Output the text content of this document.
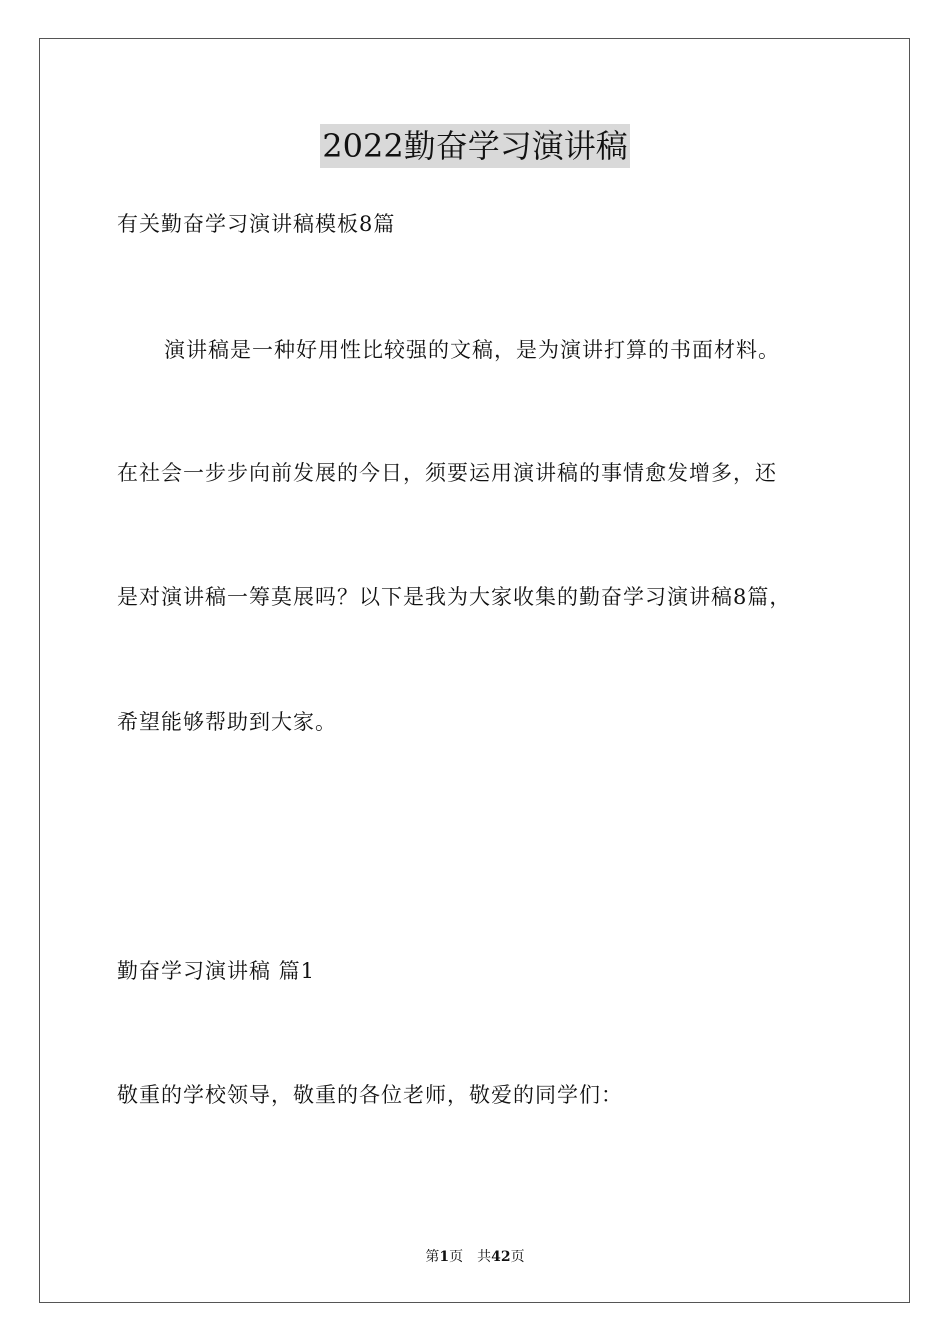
2022勤奋学习演讲稿
有关勤奋学习演讲稿模板8篇
演讲稿是一种好用性比较强的文稿，是为演讲打算的书面材料。
在社会一步步向前发展的今日，须要运用演讲稿的事情愈发增多，还
是对演讲稿一筹莫展吗？以下是我为大家收集的勤奋学习演讲稿8篇，
希望能够帮助到大家。
勤奋学习演讲稿 篇1
敬重的学校领导，敬重的各位老师，敬爱的同学们：
第1页 共42页
